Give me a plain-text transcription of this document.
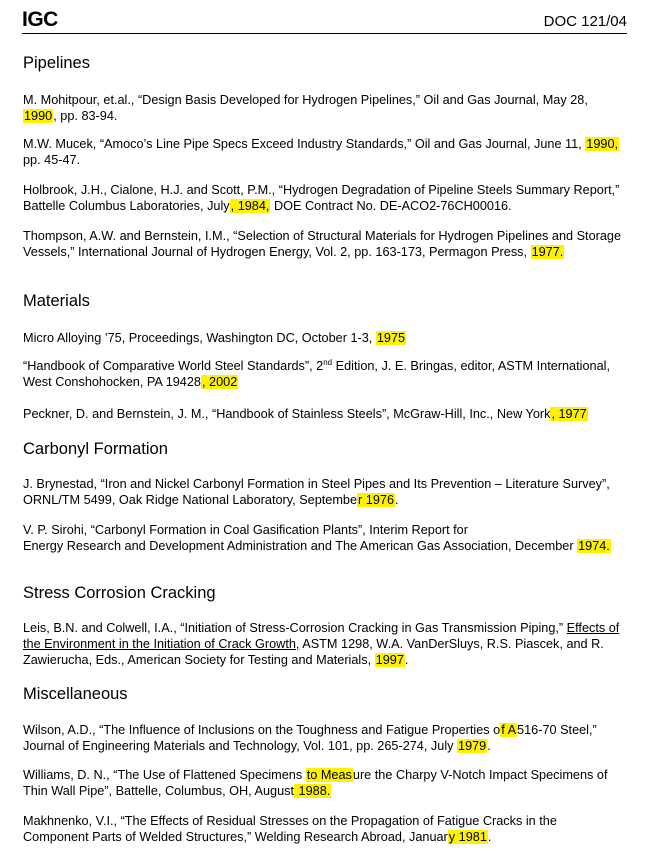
IGC	DOC 121/04
Pipelines
M. Mohitpour, et.al., “Design Basis Developed for Hydrogen Pipelines,” Oil and Gas Journal, May 28, 1990, pp. 83-94.
M.W. Mucek, “Amoco’s Line Pipe Specs Exceed Industry Standards,” Oil and Gas Journal, June 11, 1990, pp. 45-47.
Holbrook, J.H., Cialone, H.J. and Scott, P.M., “Hydrogen Degradation of Pipeline Steels Summary Report,” Battelle Columbus Laboratories, July, 1984, DOE Contract No. DE-ACO2-76CH00016.
Thompson, A.W. and Bernstein, I.M., “Selection of Structural Materials for Hydrogen Pipelines and Storage Vessels,” International Journal of Hydrogen Energy, Vol. 2, pp. 163-173, Permagon Press, 1977.
Materials
Micro Alloying ’75, Proceedings, Washington DC, October 1-3, 1975
“Handbook of Comparative World Steel Standards”, 2nd Edition, J. E. Bringas, editor, ASTM International, West Conshohocken, PA 19428, 2002
Peckner, D. and Bernstein, J. M., “Handbook of Stainless Steels”, McGraw-Hill, Inc., New York, 1977
Carbonyl Formation
J. Brynestad, “Iron and Nickel Carbonyl Formation in Steel Pipes and Its Prevention – Literature Survey”, ORNL/TM 5499, Oak Ridge National Laboratory, September 1976.
V. P. Sirohi, “Carbonyl Formation in Coal Gasification Plants”, Interim Report for
Energy Research and Development Administration and The American Gas Association, December 1974.
Stress Corrosion Cracking
Leis, B.N. and Colwell, I.A., “Initiation of Stress-Corrosion Cracking in Gas Transmission Piping,” Effects of the Environment in the Initiation of Crack Growth, ASTM 1298, W.A. VanDerSluys, R.S. Piascek, and R. Zawierucha, Eds., American Society for Testing and Materials, 1997.
Miscellaneous
Wilson, A.D., “The Influence of Inclusions on the Toughness and Fatigue Properties of A516-70 Steel,” Journal of Engineering Materials and Technology, Vol. 101, pp. 265-274, July 1979.
Williams, D. N., “The Use of Flattened Specimens to Measure the Charpy V-Notch Impact Specimens of Thin Wall Pipe”, Battelle, Columbus, OH, August 1988.
Makhnenko, V.I., “The Effects of Residual Stresses on the Propagation of Fatigue Cracks in the Component Parts of Welded Structures,” Welding Research Abroad, January 1981.
